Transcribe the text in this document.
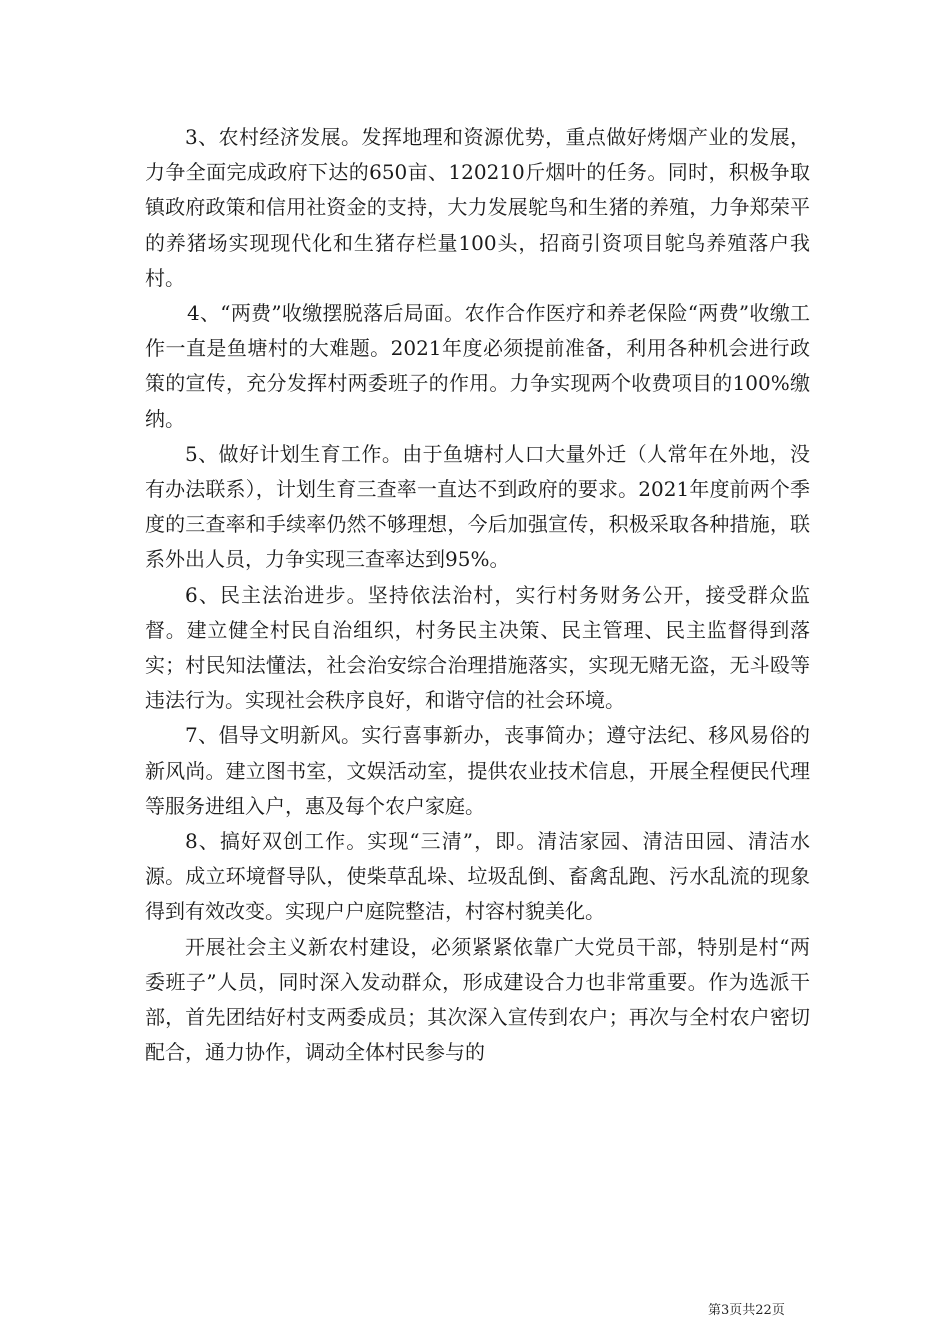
3、农村经济发展。发挥地理和资源优势，重点做好烤烟产业的发展，力争全面完成政府下达的650亩、120210斤烟叶的任务。同时，积极争取镇政府政策和信用社资金的支持，大力发展鸵鸟和生猪的养殖，力争郑荣平的养猪场实现现代化和生猪存栏量100头，招商引资项目鸵鸟养殖落户我村。

4、“两费”收缴摆脱落后局面。农作合作医疗和养老保险“两费”收缴工作一直是鱼塘村的大难题。2021年度必须提前准备，利用各种机会进行政策的宣传，充分发挥村两委班子的作用。力争实现两个收费项目的100%缴纳。

5、做好计划生育工作。由于鱼塘村人口大量外迁（人常年在外地，没有办法联系），计划生育三查率一直达不到政府的要求。2021年度前两个季度的三查率和手续率仍然不够理想，今后加强宣传，积极采取各种措施，联系外出人员，力争实现三查率达到95%。

6、民主法治进步。坚持依法治村，实行村务财务公开，接受群众监督。建立健全村民自治组织，村务民主决策、民主管理、民主监督得到落实；村民知法懂法，社会治安综合治理措施落实，实现无赌无盗，无斗殴等违法行为。实现社会秩序良好，和谐守信的社会环境。

7、倡导文明新风。实行喜事新办，丧事简办；遵守法纪、移风易俗的新风尚。建立图书室，文娱活动室，提供农业技术信息，开展全程便民代理等服务进组入户，惠及每个农户家庭。

8、搞好双创工作。实现“三清”，即。清洁家园、清洁田园、清洁水源。成立环境督导队，使柴草乱垛、垃圾乱倒、畜禽乱跑、污水乱流的现象得到有效改变。实现户户庭院整洁，村容村貌美化。

开展社会主义新农村建设，必须紧紧依靠广大党员干部，特别是村“两委班子”人员，同时深入发动群众，形成建设合力也非常重要。作为选派干部，首先团结好村支两委成员；其次深入宣传到农户；再次与全村农户密切配合，通力协作，调动全体村民参与的

第3页共22页
